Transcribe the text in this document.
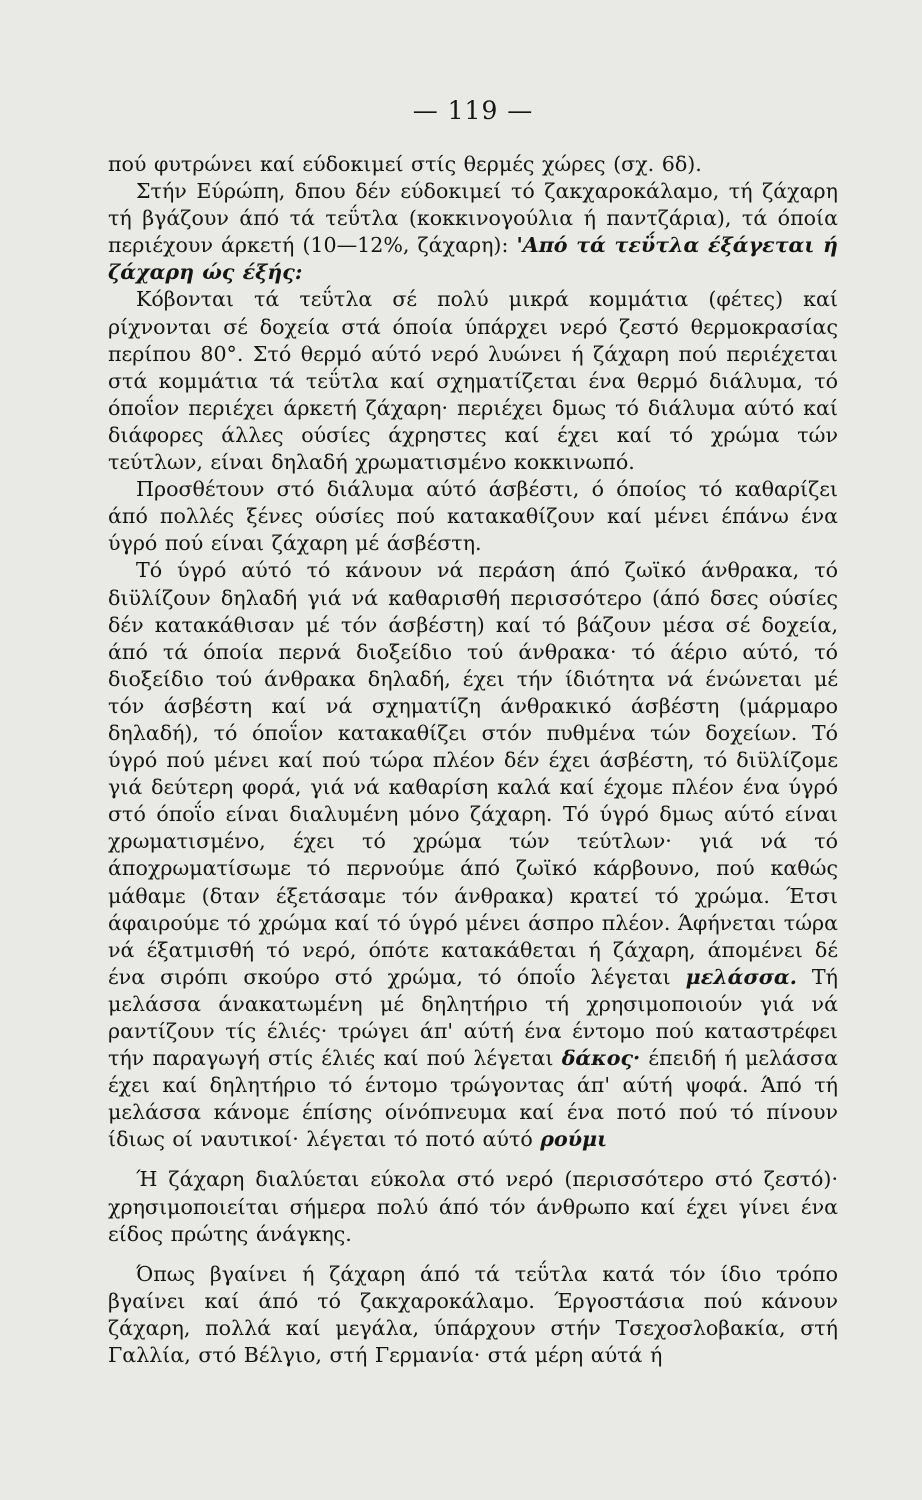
— 119 —

πού φυτρώνει καί εύδοκιμεί στίς θερμές χώρες (σχ. 6δ).

Στήν Εύρώπη, δπου δέν εύδοκιμεί τό ζακχαροκάλαμο, τή ζάχαρη τή βγάζουν άπό τά τεΰτλα (κοκκινογούλια ή παντζάρια), τά όποία περιέχουν άρκετή (10—12%, ζάχαρη): 'Από τά τεΰτλα έξάγεται ή ζάχαρη ώς έξής:

Κόβονται τά τεΰτλα σέ πολύ μικρά κομμάτια (φέτες) καί ρίχνονται σέ δοχεία στά όποία ύπάρχει νερό ζεστό θερμοκρασίας περίπου 80°. Στό θερμό αύτό νερό λυώνει ή ζάχαρη πού περιέχεται στά κομμάτια τά τεΰτλα καί σχηματίζεται ένα θερμό διάλυμα, τό όποΐον περιέχει άρκετή ζάχαρη· περιέχει δμως τό διάλυμα αύτό καί διάφορες άλλες ούσίες άχρηστες καί έχει καί τό χρώμα τών τεύτλων, είναι δηλαδή χρωματισμένο κοκκινωπό.

Προσθέτουν στό διάλυμα αύτό άσβέστι, ό όποίος τό καθαρίζει άπό πολλές ξένες ούσίες πού κατακαθίζουν καί μένει έπάνω ένα ύγρό πού είναι ζάχαρη μέ άσβέστη.

Τό ύγρό αύτό τό κάνουν νά περάση άπό ζωϊκό άνθρακα, τό διϋλίζουν δηλαδή γιά νά καθαρισθή περισσότερο (άπό δσες ούσίες δέν κατακάθισαν μέ τόν άσβέστη) καί τό βάζουν μέσα σέ δοχεία, άπό τά όποία περνά διοξείδιο τού άνθρακα· τό άέριο αύτό, τό διοξείδιο τού άνθρακα δηλαδή, έχει τήν ίδιότητα νά ένώνεται μέ τόν άσβέστη καί νά σχηματίζη άνθρακικό άσβέστη (μάρμαρο δηλαδή), τό όποΐον κατακαθίζει στόν πυθμένα τών δοχείων. Τό ύγρό πού μένει καί πού τώρα πλέον δέν έχει άσβέστη, τό διϋλίζομε γιά δεύτερη φορά, γιά νά καθαρίση καλά καί έχομε πλέον ένα ύγρό στό όποΐο είναι διαλυμένη μόνο ζάχαρη. Τό ύγρό δμως αύτό είναι χρωματισμένο, έχει τό χρώμα τών τεύτλων· γιά νά τό άποχρωματίσωμε τό περνούμε άπό ζωϊκό κάρβουνο, πού καθώς μάθαμε (δταν έξετάσαμε τόν άνθρακα) κρατεί τό χρώμα. Έτσι άφαιρούμε τό χρώμα καί τό ύγρό μένει άσπρο πλέον. Άφήνεται τώρα νά έξατμισθή τό νερό, όπότε κατακάθεται ή ζάχαρη, άπομένει δέ ένα σιρόπι σκούρο στό χρώμα, τό όποΐο λέγεται μελάσσα. Τή μελάσσα άνακατωμένη μέ δηλητήριο τή χρησιμοποιούν γιά νά ραντίζουν τίς έλιές· τρώγει άπ' αύτή ένα έντομο πού καταστρέφει τήν παραγωγή στίς έλιές καί πού λέγεται δάκος· έπειδή ή μελάσσα έχει καί δηλητήριο τό έντομο τρώγοντας άπ' αύτή ψοφά. Άπό τή μελάσσα κάνομε έπίσης οίνόπνευμα καί ένα ποτό πού τό πίνουν ίδιως οί ναυτικοί· λέγεται τό ποτό αύτό ρούμι

Ή ζάχαρη διαλύεται εύκολα στό νερό (περισσότερο στό ζεστό)· χρησιμοποιείται σήμερα πολύ άπό τόν άνθρωπο καί έχει γίνει ένα είδος πρώτης άνάγκης.

Όπως βγαίνει ή ζάχαρη άπό τά τεΰτλα κατά τόν ίδιο τρόπο βγαίνει καί άπό τό ζακχαροκάλαμο. Έργοστάσια πού κάνουν ζάχαρη, πολλά καί μεγάλα, ύπάρχουν στήν Τσεχοσλοβακία, στή Γαλλία, στό Βέλγιο, στή Γερμανία· στά μέρη αύτά ή
